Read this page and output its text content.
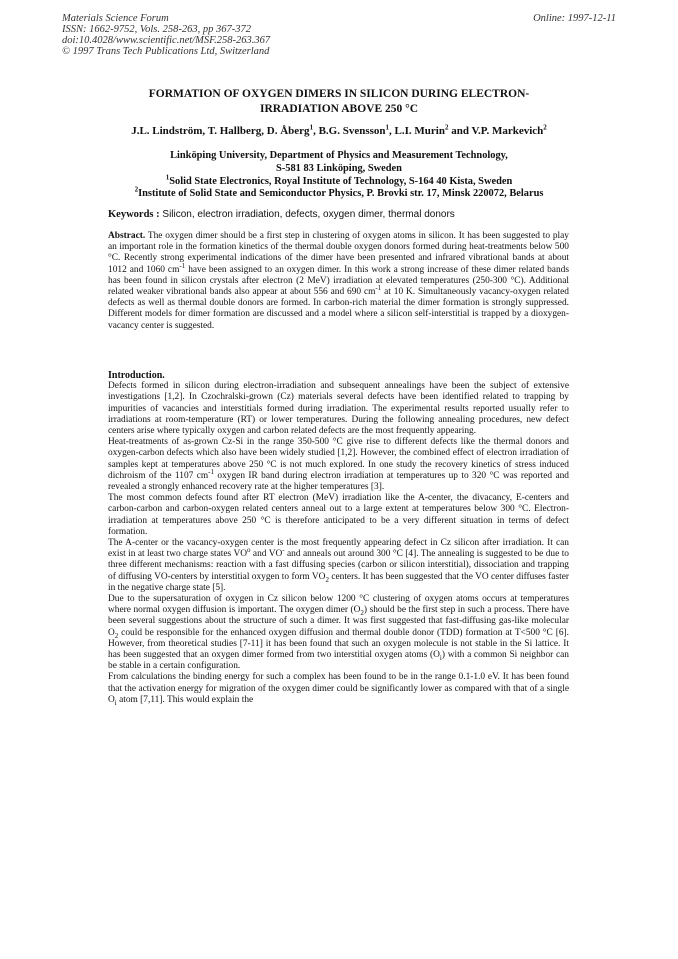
Materials Science Forum
ISSN: 1662-9752, Vols. 258-263, pp 367-372
doi:10.4028/www.scientific.net/MSF.258-263.367
© 1997 Trans Tech Publications Ltd, Switzerland
Online: 1997-12-11
FORMATION OF OXYGEN DIMERS IN SILICON DURING ELECTRON-
IRRADIATION ABOVE 250 °C
J.L. Lindström, T. Hallberg, D. Åberg$^1$, B.G. Svensson$^1$, L.I. Murin$^2$ and V.P. Markevich$^2$
Linköping University, Department of Physics and Measurement Technology,
S-581 83 Linköping, Sweden
$^1$Solid State Electronics, Royal Institute of Technology, S-164 40 Kista, Sweden
$^2$Institute of Solid State and Semiconductor Physics, P. Brovki str. 17, Minsk 220072, Belarus
Keywords : Silicon, electron irradiation, defects, oxygen dimer, thermal donors

Abstract. The oxygen dimer should be a first step in clustering of oxygen atoms in silicon. It has been suggested to play an important role in the formation kinetics of the thermal double oxygen donors formed during heat-treatments below 500 °C. Recently strong experimental indications of the dimer have been presented and infrared vibrational bands at about 1012 and 1060 $cm^{-1}$ have been assigned to an oxygen dimer. In this work a strong increase of these dimer related bands has been found in silicon crystals after electron (2 MeV) irradiation at elevated temperatures (250-300 °C). Additional related weaker vibrational bands also appear at about 556 and 690 $cm^{-1}$ at 10 K. Simultaneously vacancy-oxygen related defects as well as thermal double donors are formed. In carbon-rich material the dimer formation is strongly suppressed. Different models for dimer formation are discussed and a model where a silicon self-interstitial is trapped by a dioxygen-vacancy center is suggested.

Introduction.

Defects formed in silicon during electron-irradiation and subsequent annealings have been the subject of extensive investigations [1,2]. In Czochralski-grown (Cz) materials several defects have been identified related to trapping by impurities of vacancies and interstitials formed during irradiation. The experimental results reported usually refer to irradiations at room-temperature (RT) or lower temperatures. During the following annealing procedures, new defect centers arise where typically oxygen and carbon related defects are the most frequently appearing.

Heat-treatments of as-grown Cz-Si in the range 350-500 °C give rise to different defects like the thermal donors and oxygen-carbon defects which also have been widely studied [1,2]. However, the combined effect of electron irradiation of samples kept at temperatures above 250 °C is not much explored. In one study the recovery kinetics of stress induced dichroism of the 1107 $cm^{-1}$ oxygen IR band during electron irradiation at temperatures up to 320 °C was reported and revealed a strongly enhanced recovery rate at the higher temperatures [3].

The most common defects found after RT electron (MeV) irradiation like the A-center, the divacancy, E-centers and carbon-carbon and carbon-oxygen related centers anneal out to a large extent at temperatures below 300 °C. Electron-irradiation at temperatures above 250 °C is therefore anticipated to be a very different situation in terms of defect formation.

The A-center or the vacancy-oxygen center is the most frequently appearing defect in Cz silicon after irradiation. It can exist in at least two charge states $VO^o$ and VO- and anneals out around 300 °C [4]. The annealing is suggested to be due to three different mechanisms: reaction with a fast diffusing species (carbon or silicon interstitial), dissociation and trapping of diffusing VO-centers by interstitial oxygen to form $VO_2$ centers. It has been suggested that the VO center diffuses faster in the negative charge state [5].

Due to the supersaturation of oxygen in Cz silicon below 1200 °C clustering of oxygen atoms occurs at temperatures where normal oxygen diffusion is important. The oxygen dimer $(O_2)$ should be the first step in such a process. There have been several suggestions about the structure of such a dimer. It was first suggested that fast-diffusing gas-like molecular $O_2$ could be responsible for the enhanced oxygen diffusion and thermal double donor (TDD) formation at T<500 °C [6]. However, from theoretical studies [7-11] it has been found that such an oxygen molecule is not stable in the Si lattice. It has been suggested that an oxygen dimer formed from two interstitial oxygen atoms $(O_i)$ with a common Si neighbor can be stable in a certain configuration.

From calculations the binding energy for such a complex has been found to be in the range 0.1-1.0 eV. It has been found that the activation energy for migration of the oxygen dimer could be significantly lower as compared with that of a single $O_i$ atom [7,11]. This would explain the
